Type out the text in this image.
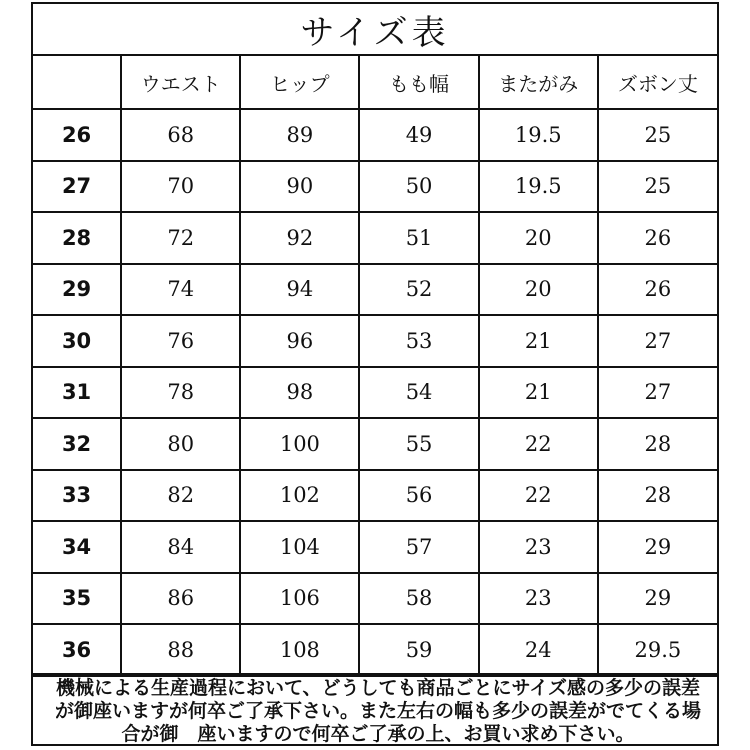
サイズ表
	ウエスト	ヒップ	もも幅	またがみ	ズボン丈
26	68	89	49	19.5	25
27	70	90	50	19.5	25
28	72	92	51	20	26
29	74	94	52	20	26
30	76	96	53	21	27
31	78	98	54	21	27
32	80	100	55	22	28
33	82	102	56	22	28
34	84	104	57	23	29
35	86	106	58	23	29
36	88	108	59	24	29.5
機械による生産過程において、どうしても商品ごとにサイズ感の多少の誤差
が御座いますが何卒ご了承下さい。また左右の幅も多少の誤差がでてくる場
合が御　座いますので何卒ご了承の上、お買い求め下さい。
